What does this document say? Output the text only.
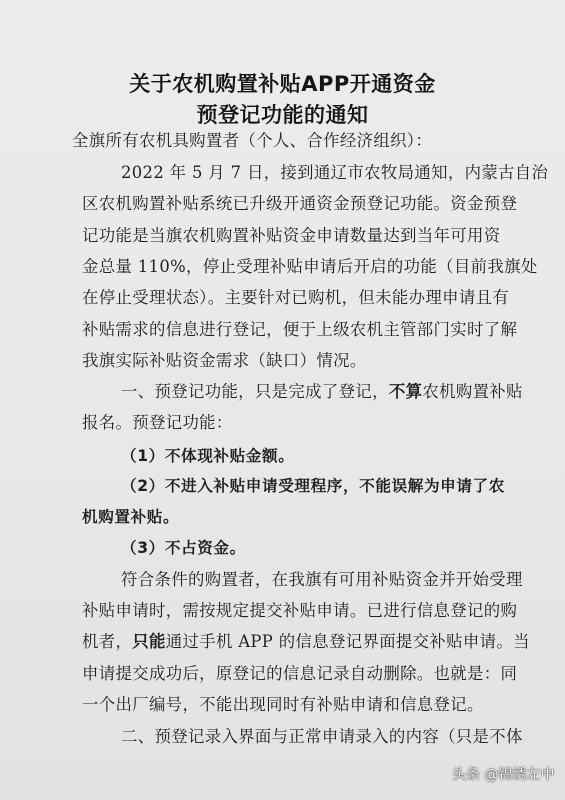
关于农机购置补贴APP开通资金
预登记功能的通知
全旗所有农机具购置者（个人、合作经济组织）：
2022 年 5 月 7 日，接到通辽市农牧局通知，内蒙古自治
区农机购置补贴系统已升级开通资金预登记功能。资金预登
记功能是当旗农机购置补贴资金申请数量达到当年可用资
金总量 110%，停止受理补贴申请后开启的功能（目前我旗处
在停止受理状态）。主要针对已购机，但未能办理申请且有
补贴需求的信息进行登记，便于上级农机主管部门实时了解
我旗实际补贴资金需求（缺口）情况。
一、预登记功能，只是完成了登记，不算农机购置补贴
报名。预登记功能：
（1）不体现补贴金额。
（2）不进入补贴申请受理程序，不能误解为申请了农
机购置补贴。
（3）不占资金。
符合条件的购置者，在我旗有可用补贴资金并开始受理
补贴申请时，需按规定提交补贴申请。已进行信息登记的购
机者，只能通过手机 APP 的信息登记界面提交补贴申请。当
申请提交成功后，原登记的信息记录自动删除。也就是：同
一个出厂编号，不能出现同时有补贴申请和信息登记。
二、预登记录入界面与正常申请录入的内容（只是不体
头条 @锦绣左中
